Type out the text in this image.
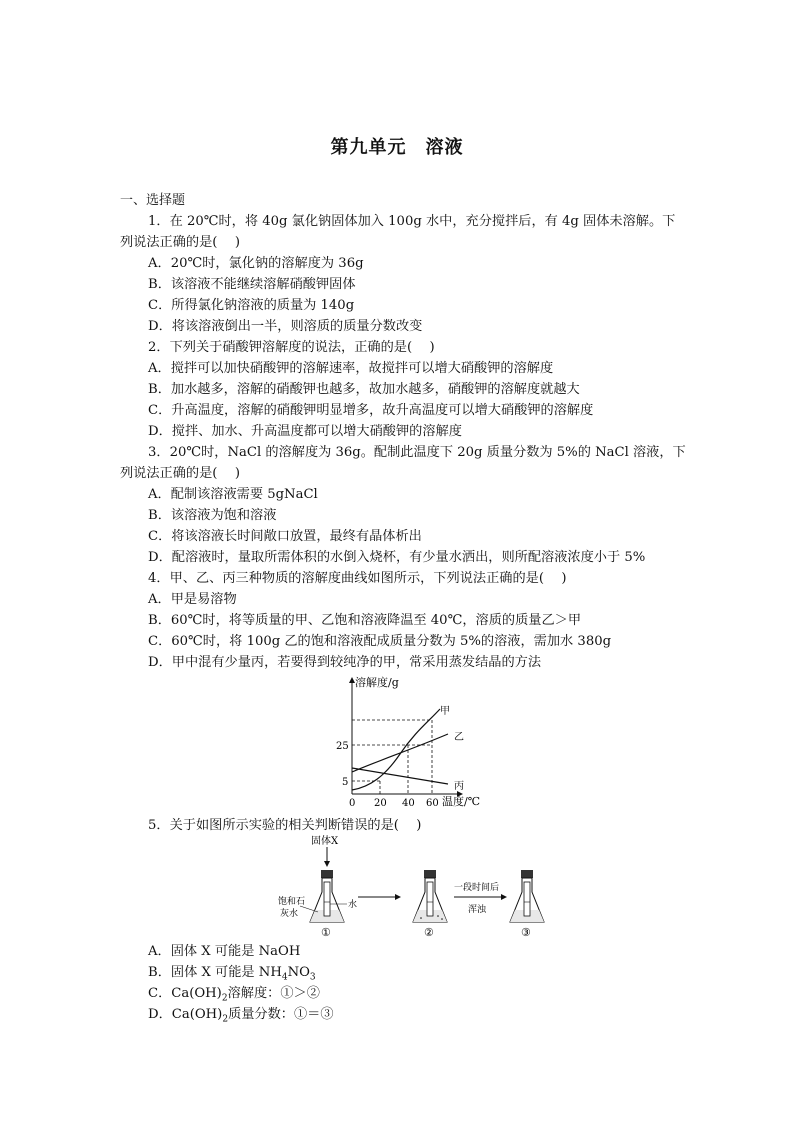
第九单元　溶液
一、选择题
1．在 20℃时，将 40g 氯化钠固体加入 100g 水中，充分搅拌后，有 4g 固体未溶解。下
列说法正确的是(　 )
A．20℃时，氯化钠的溶解度为 36g
B．该溶液不能继续溶解硝酸钾固体
C．所得氯化钠溶液的质量为 140g
D．将该溶液倒出一半，则溶质的质量分数改变
2．下列关于硝酸钾溶解度的说法，正确的是(　 )
A．搅拌可以加快硝酸钾的溶解速率，故搅拌可以增大硝酸钾的溶解度
B．加水越多，溶解的硝酸钾也越多，故加水越多，硝酸钾的溶解度就越大
C．升高温度，溶解的硝酸钾明显增多，故升高温度可以增大硝酸钾的溶解度
D．搅拌、加水、升高温度都可以增大硝酸钾的溶解度
3．20℃时，NaCl 的溶解度为 36g。配制此温度下 20g 质量分数为 5%的 NaCl 溶液，下
列说法正确的是(　 )
A．配制该溶液需要 5gNaCl
B．该溶液为饱和溶液
C．将该溶液长时间敞口放置，最终有晶体析出
D．配溶液时，量取所需体积的水倒入烧杯，有少量水洒出，则所配溶液浓度小于 5%
4．甲、乙、丙三种物质的溶解度曲线如图所示，下列说法正确的是(　 )
A．甲是易溶物
B．60℃时，将等质量的甲、乙饱和溶液降温至 40℃，溶质的质量乙＞甲
C．60℃时，将 100g 乙的饱和溶液配成质量分数为 5%的溶液，需加水 380g
D．甲中混有少量丙，若要得到较纯净的甲，常采用蒸发结晶的方法
溶解度/g
温度/℃
甲
乙
丙
25
5
0 20 40 60
5．关于如图所示实验的相关判断错误的是(　 )
固体X
饱和石
灰水
水
①	②
一段时间后
浑浊
③
A．固体 X 可能是 NaOH
B．固体 X 可能是 $NH_4NO_3$
C．$Ca(OH)_2$溶解度：①＞②
D．$Ca(OH)_2$质量分数：①＝③
